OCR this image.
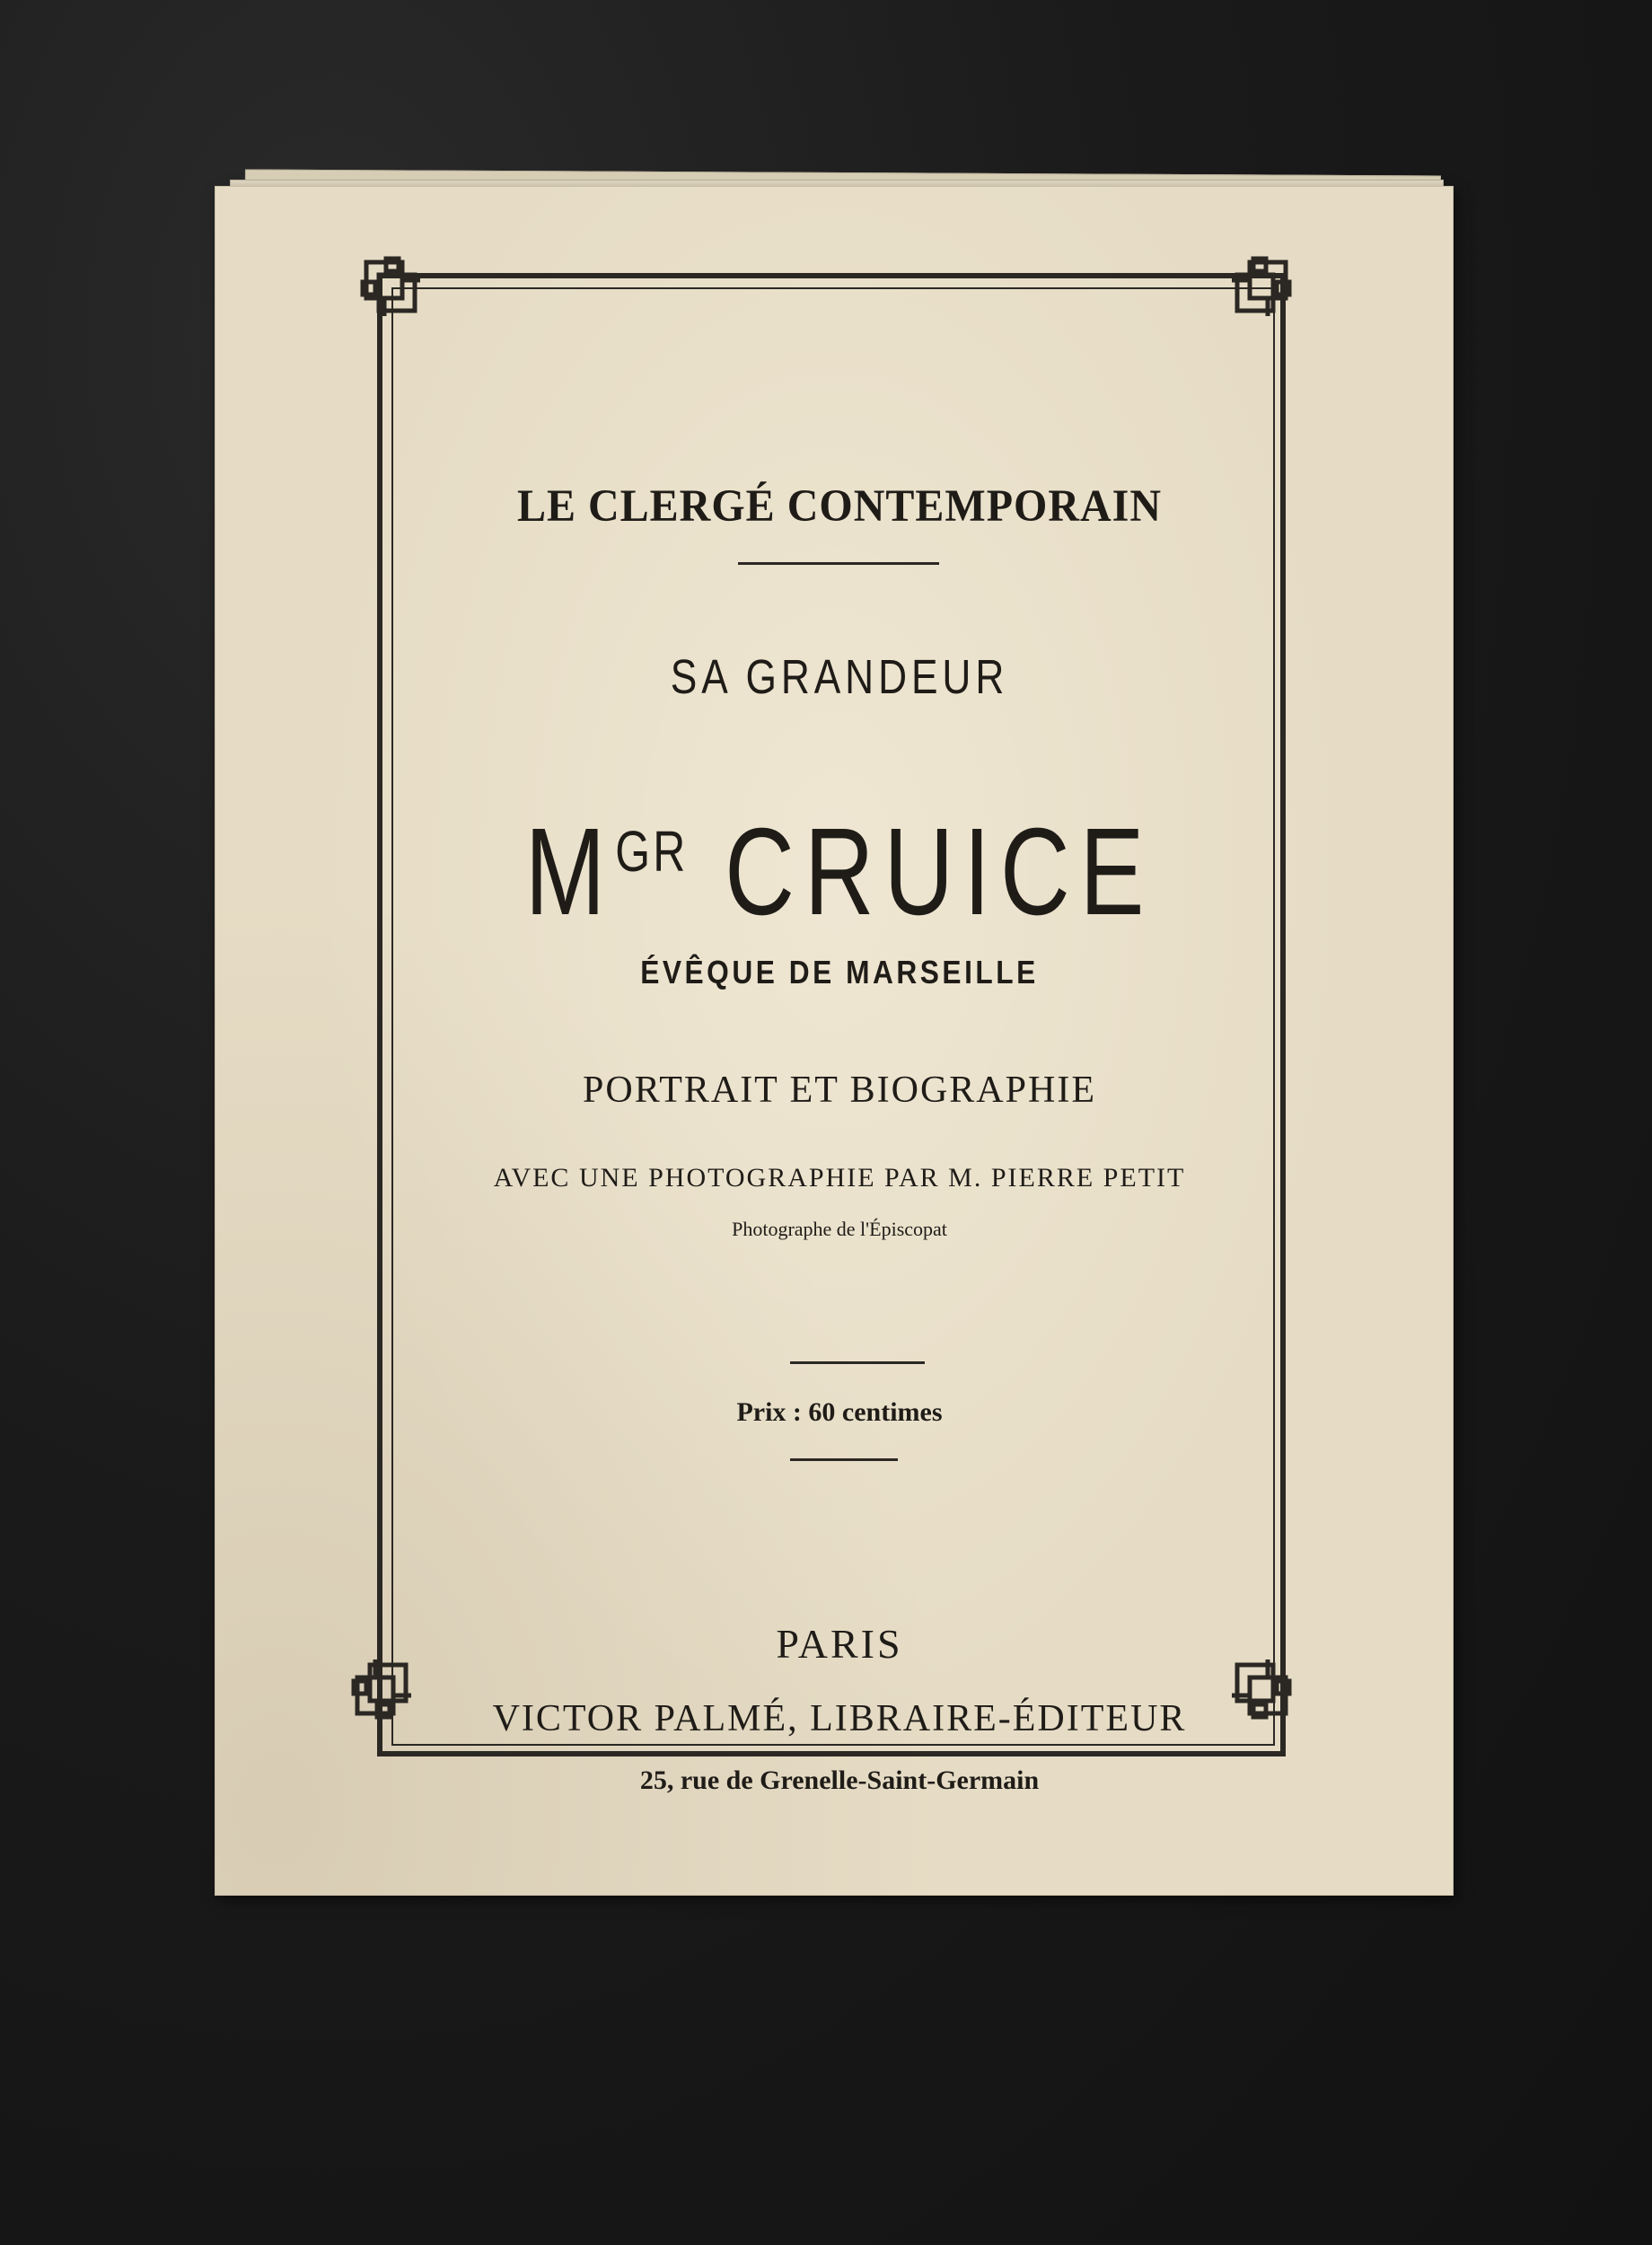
LE CLERGÉ CONTEMPORAIN
SA GRANDEUR
$M^{GR}$ CRUICE
ÉVÊQUE DE MARSEILLE
PORTRAIT ET BIOGRAPHIE
AVEC UNE PHOTOGRAPHIE PAR M. PIERRE PETIT
Photographe de l'Épiscopat
Prix : 60 centimes
PARIS
VICTOR PALMÉ, LIBRAIRE-ÉDITEUR
25, rue de Grenelle-Saint-Germain
